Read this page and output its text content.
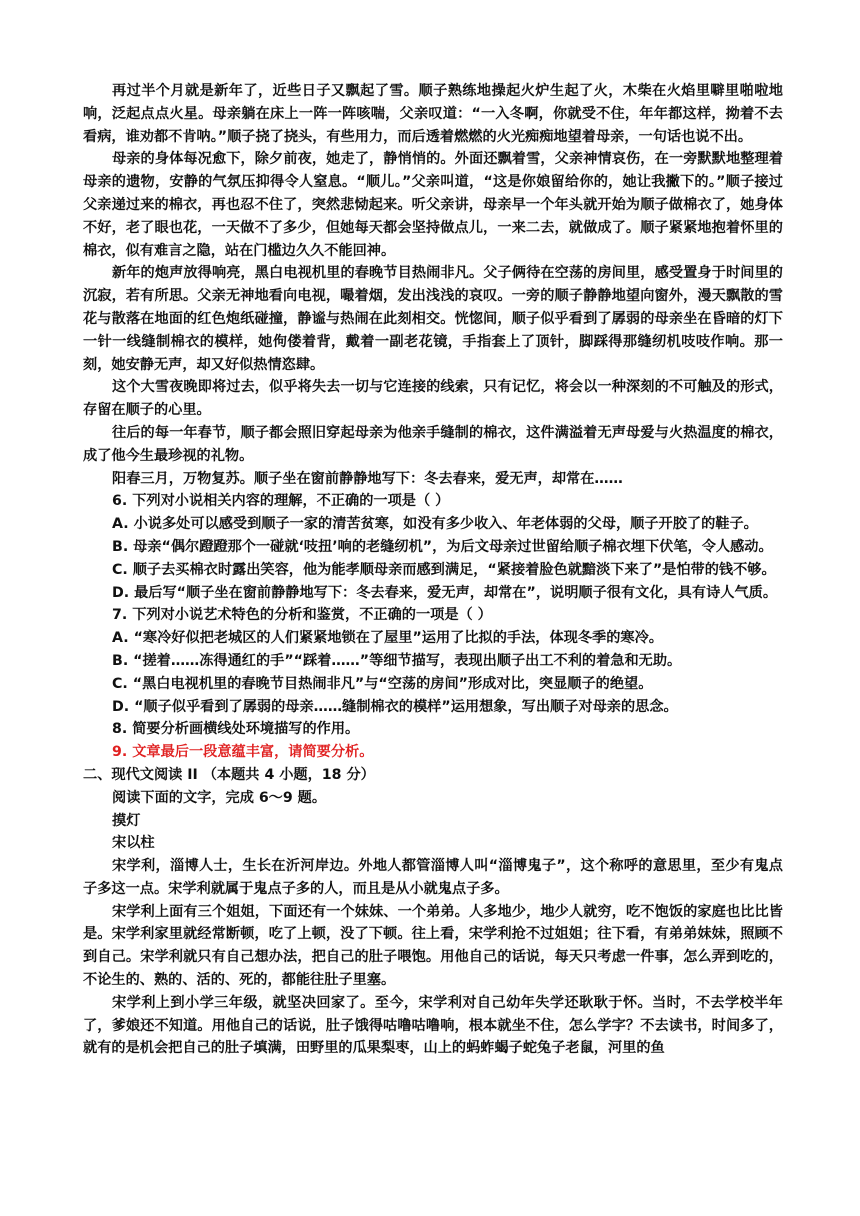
再过半个月就是新年了，近些日子又飘起了雪。顺子熟练地操起火炉生起了火，木柴在火焰里噼里啪啦地响，泛起点点火星。母亲躺在床上一阵一阵咳喘，父亲叹道：“一入冬啊，你就受不住，年年都这样，拗着不去看病，谁劝都不肯呐。”顺子挠了挠头，有些用力，而后透着燃燃的火光痴痴地望着母亲，一句话也说不出。

母亲的身体每况愈下，除夕前夜，她走了，静悄悄的。外面还飘着雪，父亲神情哀伤，在一旁默默地整理着母亲的遗物，安静的气氛压抑得令人窒息。“顺儿。”父亲叫道，“这是你娘留给你的，她让我撇下的。”顺子接过父亲递过来的棉衣，再也忍不住了，突然悲恸起来。听父亲讲，母亲早一个年头就开始为顺子做棉衣了，她身体不好，老了眼也花，一天做不了多少，但她每天都会坚持做点儿，一来二去，就做成了。顺子紧紧地抱着怀里的棉衣，似有难言之隐，站在门槛边久久不能回神。

新年的炮声放得响亮，黑白电视机里的春晚节目热闹非凡。父子俩待在空荡的房间里，感受置身于时间里的沉寂，若有所思。父亲无神地看向电视，嘬着烟，发出浅浅的哀叹。一旁的顺子静静地望向窗外，漫天飘散的雪花与散落在地面的红色炮纸碰撞，静谧与热闹在此刻相交。恍惚间，顺子似乎看到了孱弱的母亲坐在昏暗的灯下一针一线缝制棉衣的模样，她佝偻着背，戴着一副老花镜，手指套上了顶针，脚踩得那缝纫机吱吱作响。那一刻，她安静无声，却又好似热情恣肆。

这个大雪夜晚即将过去，似乎将失去一切与它连接的线索，只有记忆，将会以一种深刻的不可触及的形式，存留在顺子的心里。

往后的每一年春节，顺子都会照旧穿起母亲为他亲手缝制的棉衣，这件满溢着无声母爱与火热温度的棉衣，成了他今生最珍视的礼物。

阳春三月，万物复苏。顺子坐在窗前静静地写下：冬去春来，爱无声，却常在……

6. 下列对小说相关内容的理解，不正确的一项是（ ）

A. 小说多处可以感受到顺子一家的清苦贫寒，如没有多少收入、年老体弱的父母，顺子开胶了的鞋子。

B. 母亲“偶尔蹬蹬那个一碰就‘吱扭’响的老缝纫机”，为后文母亲过世留给顺子棉衣埋下伏笔，令人感动。

C. 顺子去买棉衣时露出笑容，他为能孝顺母亲而感到满足，“紧接着脸色就黯淡下来了”是怕带的钱不够。

D. 最后写“顺子坐在窗前静静地写下：冬去春来，爱无声，却常在”，说明顺子很有文化，具有诗人气质。

7. 下列对小说艺术特色的分析和鉴赏，不正确的一项是（ ）

A. “寒冷好似把老城区的人们紧紧地锁在了屋里”运用了比拟的手法，体现冬季的寒冷。

B. “搓着……冻得通红的手”“踩着……”等细节描写，表现出顺子出工不利的着急和无助。

C. “黑白电视机里的春晚节目热闹非凡”与“空荡的房间”形成对比，突显顺子的绝望。

D. “顺子似乎看到了孱弱的母亲……缝制棉衣的模样”运用想象，写出顺子对母亲的思念。

8. 简要分析画横线处环境描写的作用。

9. 文章最后一段意蕴丰富，请简要分析。

二、现代文阅读 II （本题共 4 小题，18 分）

阅读下面的文字，完成 6～9 题。

摸灯

宋以柱

宋学利，淄博人士，生长在沂河岸边。外地人都管淄博人叫“淄博鬼子”，这个称呼的意思里，至少有鬼点子多这一点。宋学利就属于鬼点子多的人，而且是从小就鬼点子多。

宋学利上面有三个姐姐，下面还有一个妹妹、一个弟弟。人多地少，地少人就穷，吃不饱饭的家庭也比比皆是。宋学利家里就经常断顿，吃了上顿，没了下顿。往上看，宋学利抢不过姐姐；往下看，有弟弟妹妹，照顾不到自己。宋学利就只有自己想办法，把自己的肚子喂饱。用他自己的话说，每天只考虑一件事，怎么弄到吃的，不论生的、熟的、活的、死的，都能往肚子里塞。

宋学利上到小学三年级，就坚决回家了。至今，宋学利对自己幼年失学还耿耿于怀。当时，不去学校半年了，爹娘还不知道。用他自己的话说，肚子饿得咕噜咕噜响，根本就坐不住，怎么学字？不去读书，时间多了，就有的是机会把自己的肚子填满，田野里的瓜果梨枣，山上的蚂蚱蝎子蛇兔子老鼠，河里的鱼
